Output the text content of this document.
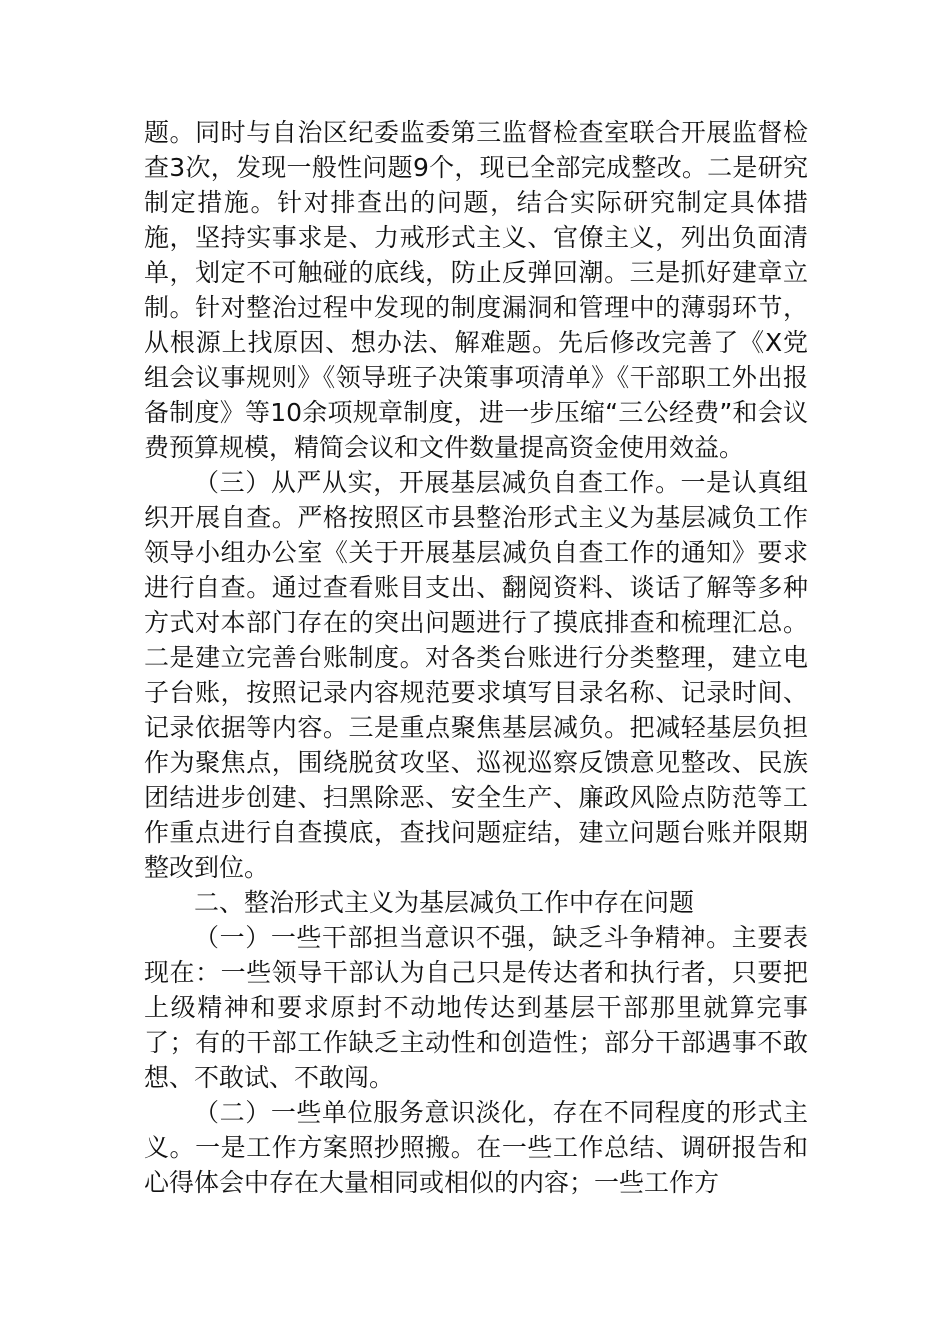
题。同时与自治区纪委监委第三监督检查室联合开展监督检查3次，发现一般性问题9个，现已全部完成整改。二是研究制定措施。针对排查出的问题，结合实际研究制定具体措施，坚持实事求是、力戒形式主义、官僚主义，列出负面清单，划定不可触碰的底线，防止反弹回潮。三是抓好建章立制。针对整治过程中发现的制度漏洞和管理中的薄弱环节，从根源上找原因、想办法、解难题。先后修改完善了《X党组会议事规则》《领导班子决策事项清单》《干部职工外出报备制度》等10余项规章制度，进一步压缩“三公经费”和会议费预算规模，精简会议和文件数量提高资金使用效益。

（三）从严从实，开展基层减负自查工作。一是认真组织开展自查。严格按照区市县整治形式主义为基层减负工作领导小组办公室《关于开展基层减负自查工作的通知》要求进行自查。通过查看账目支出、翻阅资料、谈话了解等多种方式对本部门存在的突出问题进行了摸底排查和梳理汇总。二是建立完善台账制度。对各类台账进行分类整理，建立电子台账，按照记录内容规范要求填写目录名称、记录时间、记录依据等内容。三是重点聚焦基层减负。把减轻基层负担作为聚焦点，围绕脱贫攻坚、巡视巡察反馈意见整改、民族团结进步创建、扫黑除恶、安全生产、廉政风险点防范等工作重点进行自查摸底，查找问题症结，建立问题台账并限期整改到位。

二、整治形式主义为基层减负工作中存在问题

（一）一些干部担当意识不强，缺乏斗争精神。主要表现在：一些领导干部认为自己只是传达者和执行者，只要把上级精神和要求原封不动地传达到基层干部那里就算完事了；有的干部工作缺乏主动性和创造性；部分干部遇事不敢想、不敢试、不敢闯。

（二）一些单位服务意识淡化，存在不同程度的形式主义。一是工作方案照抄照搬。在一些工作总结、调研报告和心得体会中存在大量相同或相似的内容；一些工作方
